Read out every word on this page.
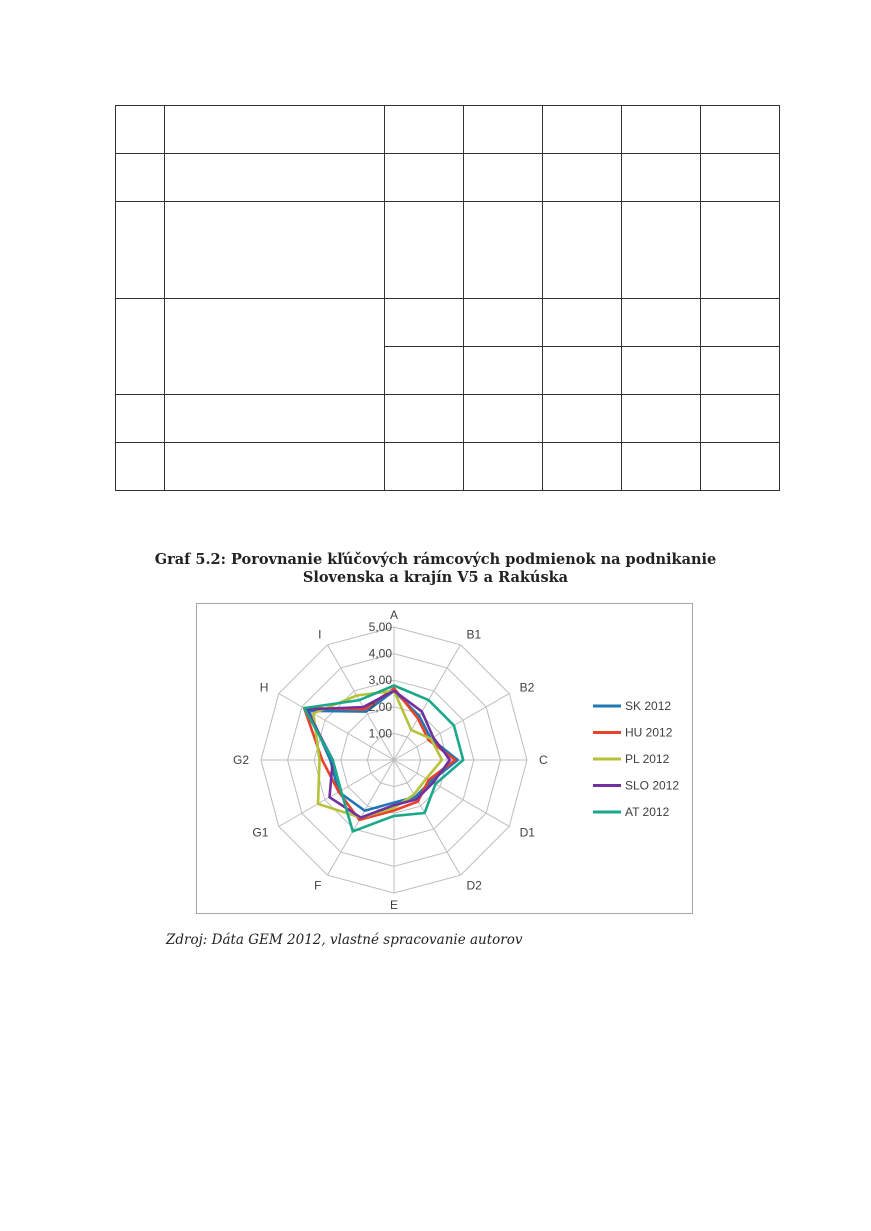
Graf 5.2: Porovnanie kľúčových rámcových podmienok na podnikanie
Slovenska a krajín V5 a Rakúska
1,00
2,00
3,00
4,00
5,00
A
B1
B2
C
D1
D2
E
F
G1
G2
H
I
SK 2012
HU 2012
PL 2012
SLO 2012
AT 2012
Zdroj: Dáta GEM 2012, vlastné spracovanie autorov
